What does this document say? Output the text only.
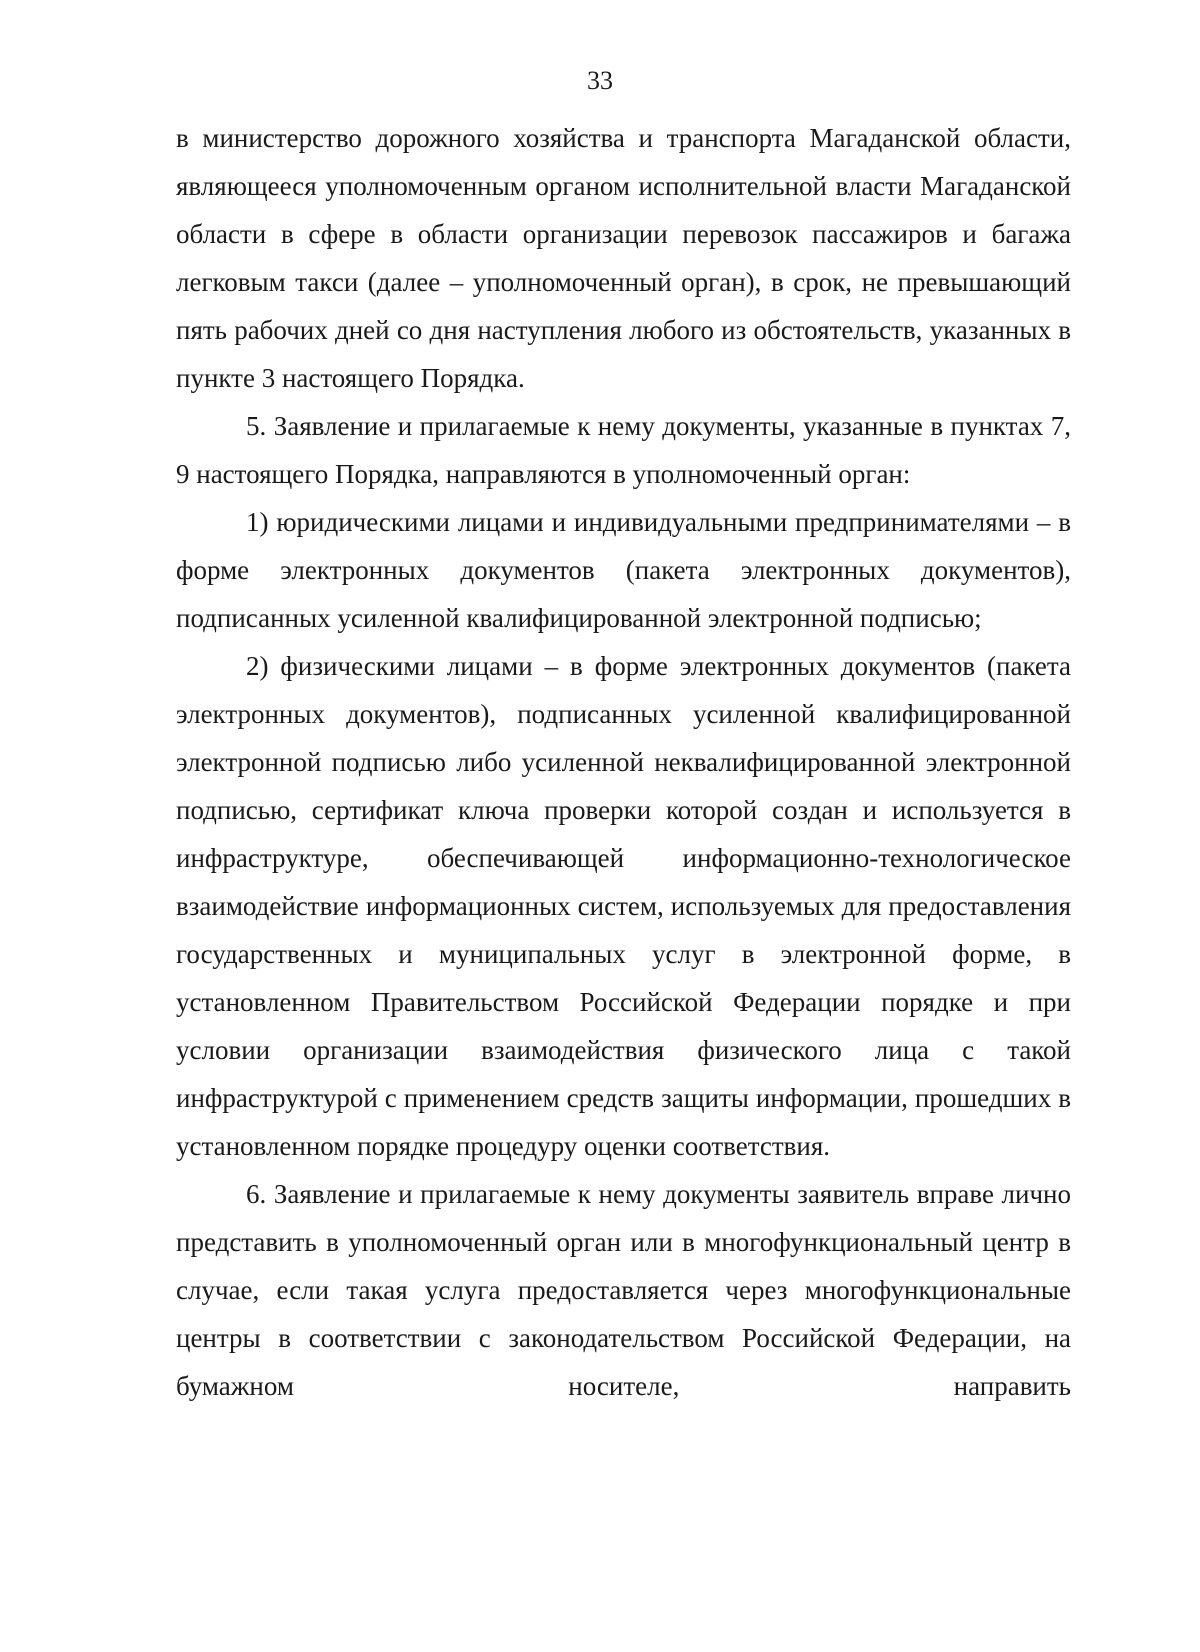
33

в министерство дорожного хозяйства и транспорта Магаданской области, являющееся уполномоченным органом исполнительной власти Магаданской области в сфере в области организации перевозок пассажиров и багажа легковым такси (далее – уполномоченный орган), в срок, не превышающий пять рабочих дней со дня наступления любого из обстоятельств, указанных в пункте 3 настоящего Порядка.

5. Заявление и прилагаемые к нему документы, указанные в пунктах 7, 9 настоящего Порядка, направляются в уполномоченный орган:

1) юридическими лицами и индивидуальными предпринимателями – в форме электронных документов (пакета электронных документов), подписанных усиленной квалифицированной электронной подписью;

2) физическими лицами – в форме электронных документов (пакета электронных документов), подписанных усиленной квалифицированной электронной подписью либо усиленной неквалифицированной электронной подписью, сертификат ключа проверки которой создан и используется в инфраструктуре, обеспечивающей информационно-технологическое взаимодействие информационных систем, используемых для предоставления государственных и муниципальных услуг в электронной форме, в установленном Правительством Российской Федерации порядке и при условии организации взаимодействия физического лица с такой инфраструктурой с применением средств защиты информации, прошедших в установленном порядке процедуру оценки соответствия.

6. Заявление и прилагаемые к нему документы заявитель вправе лично представить в уполномоченный орган или в многофункциональный центр в случае, если такая услуга предоставляется через многофункциональные центры в соответствии с законодательством Российской Федерации, на бумажном носителе, направить
